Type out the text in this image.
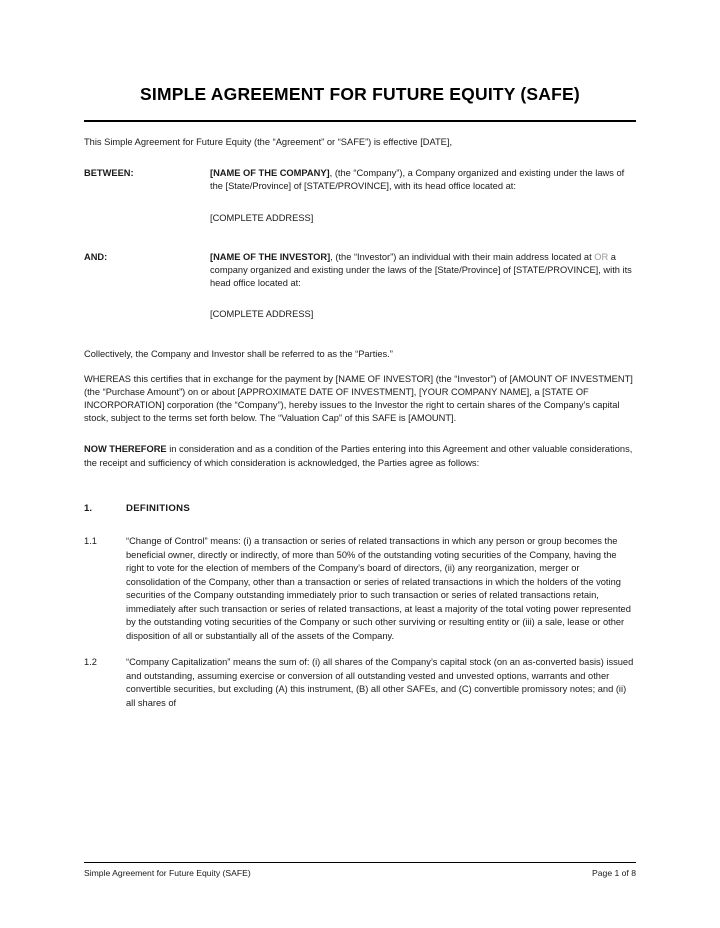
SIMPLE AGREEMENT FOR FUTURE EQUITY (SAFE)

This Simple Agreement for Future Equity (the “Agreement” or “SAFE”) is effective [DATE],

BETWEEN:	[NAME OF THE COMPANY], (the “Company”), a Company organized and existing under the laws of the [State/Province] of [STATE/PROVINCE], with its head office located at:
[COMPLETE ADDRESS]
AND:	[NAME OF THE INVESTOR], (the “Investor”) an individual with their main address located at OR a company organized and existing under the laws of the [State/Province] of [STATE/PROVINCE], with its head office located at:
[COMPLETE ADDRESS]

Collectively, the Company and Investor shall be referred to as the “Parties.”

WHEREAS this certifies that in exchange for the payment by [NAME OF INVESTOR] (the “Investor”) of [AMOUNT OF INVESTMENT] (the “Purchase Amount”) on or about [APPROXIMATE DATE OF INVESTMENT], [YOUR COMPANY NAME], a [STATE OF INCORPORATION] corporation (the “Company”), hereby issues to the Investor the right to certain shares of the Company’s capital stock, subject to the terms set forth below. The “Valuation Cap” of this SAFE is [AMOUNT].

NOW THEREFORE in consideration and as a condition of the Parties entering into this Agreement and other valuable considerations, the receipt and sufficiency of which consideration is acknowledged, the Parties agree as follows:

1.	DEFINITIONS
1.1	“Change of Control” means: (i) a transaction or series of related transactions in which any person or group becomes the beneficial owner, directly or indirectly, of more than 50% of the outstanding voting securities of the Company, having the right to vote for the election of members of the Company’s board of directors, (ii) any reorganization, merger or consolidation of the Company, other than a transaction or series of related transactions in which the holders of the voting securities of the Company outstanding immediately prior to such transaction or series of related transactions retain, immediately after such transaction or series of related transactions, at least a majority of the total voting power represented by the outstanding voting securities of the Company or such other surviving or resulting entity or (iii) a sale, lease or other disposition of all or substantially all of the assets of the Company.
1.2	“Company Capitalization” means the sum of: (i) all shares of the Company’s capital stock (on an as-converted basis) issued and outstanding, assuming exercise or conversion of all outstanding vested and unvested options, warrants and other convertible securities, but excluding (A) this instrument, (B) all other SAFEs, and (C) convertible promissory notes; and (ii) all shares of
Simple Agreement for Future Equity (SAFE)	Page 1 of 8
